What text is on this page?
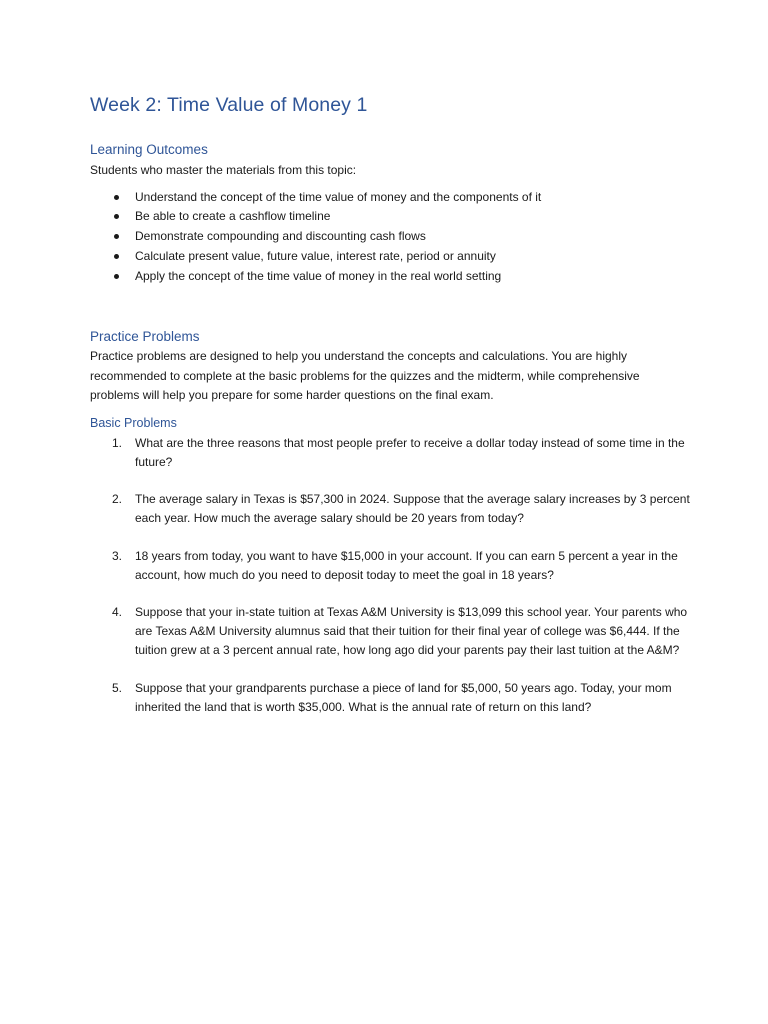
Week 2: Time Value of Money 1
Learning Outcomes

Students who master the materials from this topic:

Understand the concept of the time value of money and the components of it
Be able to create a cashflow timeline
Demonstrate compounding and discounting cash flows
Calculate present value, future value, interest rate, period or annuity
Apply the concept of the time value of money in the real world setting
Practice Problems

Practice problems are designed to help you understand the concepts and calculations. You are highly recommended to complete at the basic problems for the quizzes and the midterm, while comprehensive problems will help you prepare for some harder questions on the final exam.

Basic Problems
1. What are the three reasons that most people prefer to receive a dollar today instead of some time in the future?
2. The average salary in Texas is $57,300 in 2024. Suppose that the average salary increases by 3 percent each year. How much the average salary should be 20 years from today?
3. 18 years from today, you want to have $15,000 in your account. If you can earn 5 percent a year in the account, how much do you need to deposit today to meet the goal in 18 years?
4. Suppose that your in-state tuition at Texas A&M University is $13,099 this school year. Your parents who are Texas A&M University alumnus said that their tuition for their final year of college was $6,444. If the tuition grew at a 3 percent annual rate, how long ago did your parents pay their last tuition at the A&M?
5. Suppose that your grandparents purchase a piece of land for $5,000, 50 years ago. Today, your mom inherited the land that is worth $35,000. What is the annual rate of return on this land?
